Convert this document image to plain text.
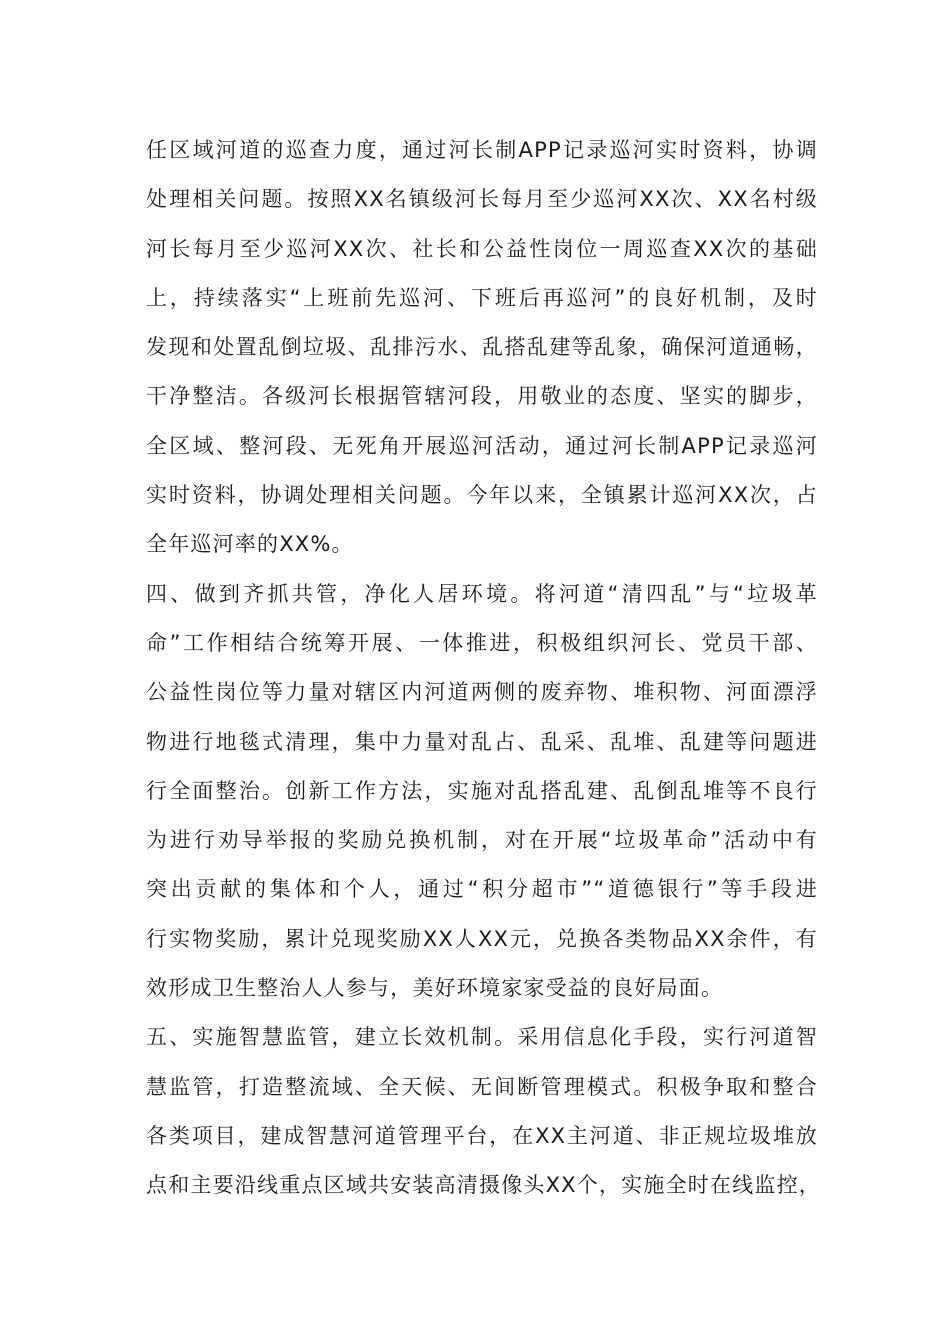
任区域河道的巡查力度，通过河长制APP记录巡河实时资料，协调
处理相关问题。按照XX名镇级河长每月至少巡河XX次、XX名村级
河长每月至少巡河XX次、社长和公益性岗位一周巡查XX次的基础
上，持续落实“上班前先巡河、下班后再巡河”的良好机制，及时
发现和处置乱倒垃圾、乱排污水、乱搭乱建等乱象，确保河道通畅，
干净整洁。各级河长根据管辖河段，用敬业的态度、坚实的脚步，
全区域、整河段、无死角开展巡河活动，通过河长制APP记录巡河
实时资料，协调处理相关问题。今年以来，全镇累计巡河XX次，占
全年巡河率的XX%。
四、做到齐抓共管，净化人居环境。将河道“清四乱”与“垃圾革
命”工作相结合统筹开展、一体推进，积极组织河长、党员干部、
公益性岗位等力量对辖区内河道两侧的废弃物、堆积物、河面漂浮
物进行地毯式清理，集中力量对乱占、乱采、乱堆、乱建等问题进
行全面整治。创新工作方法，实施对乱搭乱建、乱倒乱堆等不良行
为进行劝导举报的奖励兑换机制，对在开展“垃圾革命”活动中有
突出贡献的集体和个人，通过“积分超市”“道德银行”等手段进
行实物奖励，累计兑现奖励XX人XX元，兑换各类物品XX余件，有
效形成卫生整治人人参与，美好环境家家受益的良好局面。
五、实施智慧监管，建立长效机制。采用信息化手段，实行河道智
慧监管，打造整流域、全天候、无间断管理模式。积极争取和整合
各类项目，建成智慧河道管理平台，在XX主河道、非正规垃圾堆放
点和主要沿线重点区域共安装高清摄像头XX个，实施全时在线监控，
